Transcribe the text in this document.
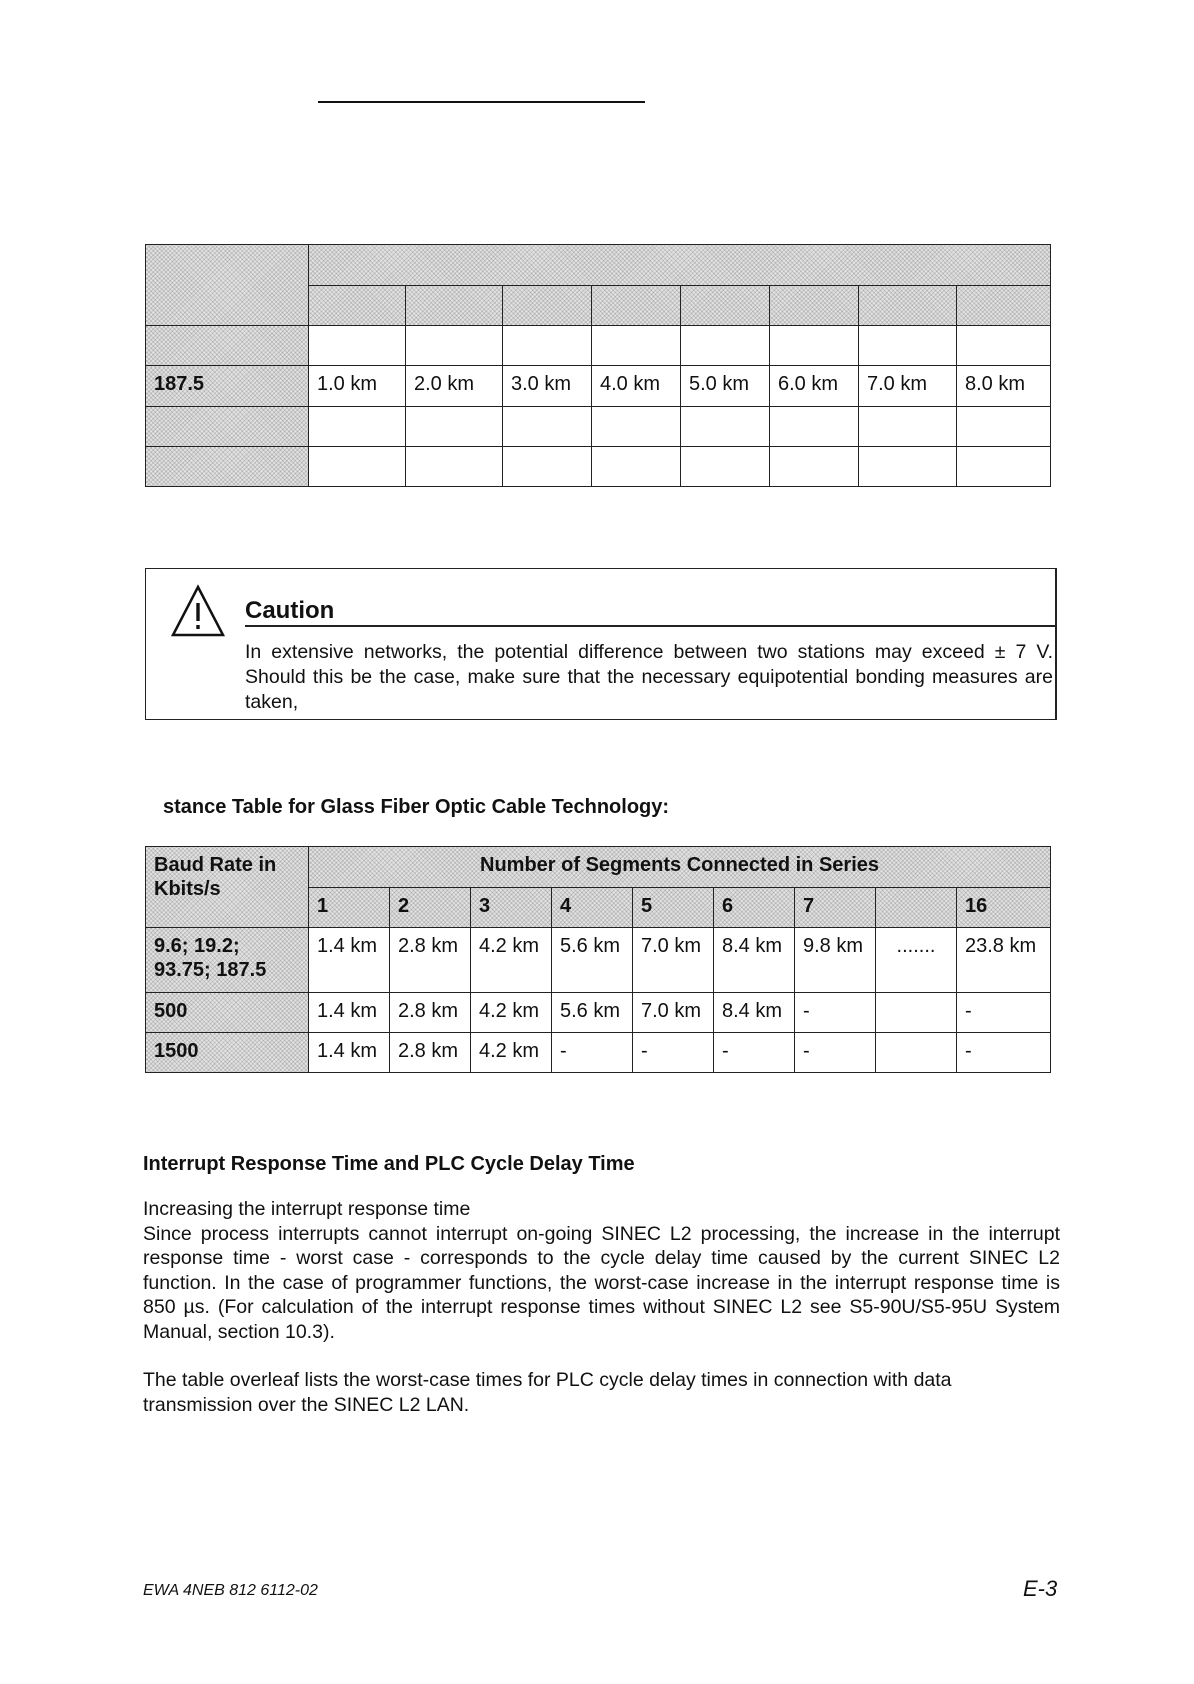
187.5	1.0 km	2.0 km	3.0 km	4.0 km	5.0 km	6.0 km	7.0 km	8.0 km

Caution
In extensive networks, the potential difference between two stations may exceed ± 7 V. Should this be the case, make sure that the necessary equipotential bonding measures are taken,
stance Table for Glass Fiber Optic Cable Technology:
Baud Rate in Kbits/s	Number of Segments Connected in Series								

	1	2	3	4	5	6	7		16

9.6; 19.2; 93.75; 187.5	1.4 km	2.8 km	4.2 km	5.6 km	7.0 km	8.4 km	9.8 km	.......	23.8 km

500	1.4 km	2.8 km	4.2 km	5.6 km	7.0 km	8.4 km	-		-

1500	1.4 km	2.8 km	4.2 km	-	-	-	-		-
Interrupt Response Time and PLC Cycle Delay Time
Increasing the interrupt response time
Since process interrupts cannot interrupt on-going SINEC L2 processing, the increase in the interrupt response time - worst case - corresponds to the cycle delay time caused by the current SINEC L2 function. In the case of programmer functions, the worst-case increase in the interrupt response time is 850 µs. (For calculation of the interrupt response times without SINEC L2 see S5-90U/S5-95U System Manual, section 10.3).
The table overleaf lists the worst-case times for PLC cycle delay times in connection with data transmission over the SINEC L2 LAN.
EWA 4NEB 812 6112-02	E-3
